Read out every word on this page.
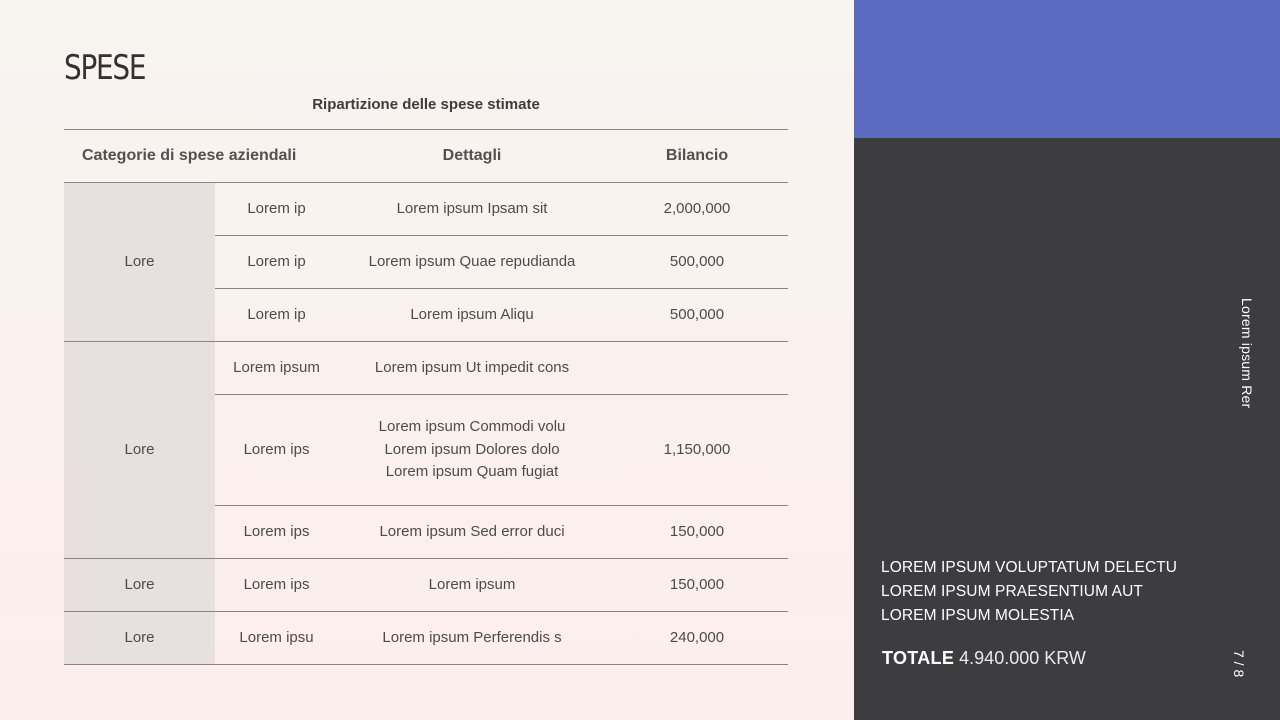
SPESE
Ripartizione delle spese stimate
Categorie di spese aziendali		Dettagli	Bilancio
Lore	Lorem ip	Lorem ipsum Ipsam sit	2,000,000
	Lorem ip	Lorem ipsum Quae repudianda	500,000
	Lorem ip	Lorem ipsum Aliqu	500,000
Lore	Lorem ipsum	Lorem ipsum Ut impedit cons	
	Lorem ips	Lorem ipsum Commodi volu
Lorem ipsum Dolores dolo
Lorem ipsum Quam fugiat	1,150,000
	Lorem ips	Lorem ipsum Sed error duci	150,000
Lore	Lorem ips	Lorem ipsum	150,000
Lore	Lorem ipsu	Lorem ipsum Perferendis s	240,000
Lorem ipsum Rer
LOREM IPSUM VOLUPTATUM DELECTU
LOREM IPSUM PRAESENTIUM AUT
LOREM IPSUM MOLESTIA
TOTALE 4.940.000 KRW	7 / 8
